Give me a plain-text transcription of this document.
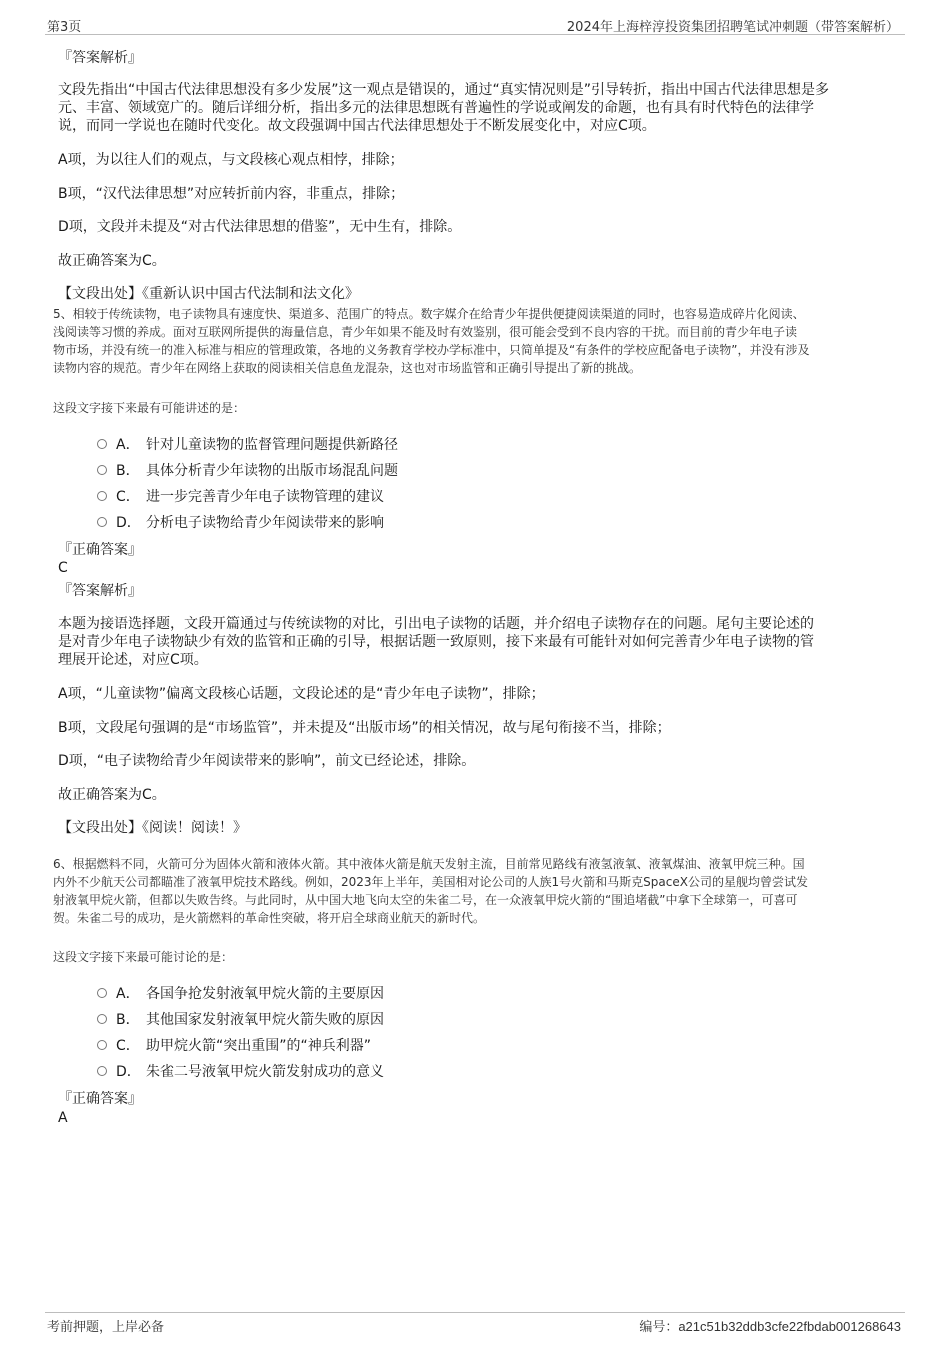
第3页	2024年上海梓淳投资集团招聘笔试冲刺题（带答案解析）
『答案解析』
文段先指出“中国古代法律思想没有多少发展”这一观点是错误的，通过“真实情况则是”引导转折，指出中国古代法律思想是多
元、丰富、领域宽广的。随后详细分析，指出多元的法律思想既有普遍性的学说或阐发的命题，也有具有时代特色的法律学
说，而同一学说也在随时代变化。故文段强调中国古代法律思想处于不断发展变化中，对应C项。
A项，为以往人们的观点，与文段核心观点相悖，排除；
B项，“汉代法律思想”对应转折前内容，非重点，排除；
D项，文段并未提及“对古代法律思想的借鉴”，无中生有，排除。
故正确答案为C。
【文段出处】《重新认识中国古代法制和法文化》
5、相较于传统读物，电子读物具有速度快、渠道多、范围广的特点。数字媒介在给青少年提供便捷阅读渠道的同时，也容易造成碎片化阅读、
浅阅读等习惯的养成。面对互联网所提供的海量信息，青少年如果不能及时有效鉴别，很可能会受到不良内容的干扰。而目前的青少年电子读
物市场，并没有统一的准入标准与相应的管理政策，各地的义务教育学校办学标准中，只简单提及“有条件的学校应配备电子读物”，并没有涉及
读物内容的规范。青少年在网络上获取的阅读相关信息鱼龙混杂，这也对市场监管和正确引导提出了新的挑战。
这段文字接下来最有可能讲述的是：
A． 针对儿童读物的监督管理问题提供新路径
B． 具体分析青少年读物的出版市场混乱问题
C． 进一步完善青少年电子读物管理的建议
D． 分析电子读物给青少年阅读带来的影响
『正确答案』
C
『答案解析』
本题为接语选择题，文段开篇通过与传统读物的对比，引出电子读物的话题，并介绍电子读物存在的问题。尾句主要论述的
是对青少年电子读物缺少有效的监管和正确的引导，根据话题一致原则，接下来最有可能针对如何完善青少年电子读物的管
理展开论述，对应C项。
A项，“儿童读物”偏离文段核心话题，文段论述的是“青少年电子读物”，排除；
B项，文段尾句强调的是“市场监管”，并未提及“出版市场”的相关情况，故与尾句衔接不当，排除；
D项，“电子读物给青少年阅读带来的影响”，前文已经论述，排除。
故正确答案为C。
【文段出处】《阅读！阅读！》
6、根据燃料不同，火箭可分为固体火箭和液体火箭。其中液体火箭是航天发射主流，目前常见路线有液氢液氧、液氧煤油、液氧甲烷三种。国
内外不少航天公司都瞄准了液氧甲烷技术路线。例如，2023年上半年，美国相对论公司的人族1号火箭和马斯克SpaceX公司的星舰均曾尝试发
射液氧甲烷火箭，但都以失败告终。与此同时，从中国大地飞向太空的朱雀二号，在一众液氧甲烷火箭的“围追堵截”中拿下全球第一，可喜可
贺。朱雀二号的成功，是火箭燃料的革命性突破，将开启全球商业航天的新时代。
这段文字接下来最可能讨论的是：
A． 各国争抢发射液氧甲烷火箭的主要原因
B． 其他国家发射液氧甲烷火箭失败的原因
C． 助甲烷火箭“突出重围”的“神兵利器”
D． 朱雀二号液氧甲烷火箭发射成功的意义
『正确答案』
A
考前押题，上岸必备	编号：a21c51b32ddb3cfe22fbdab001268643
